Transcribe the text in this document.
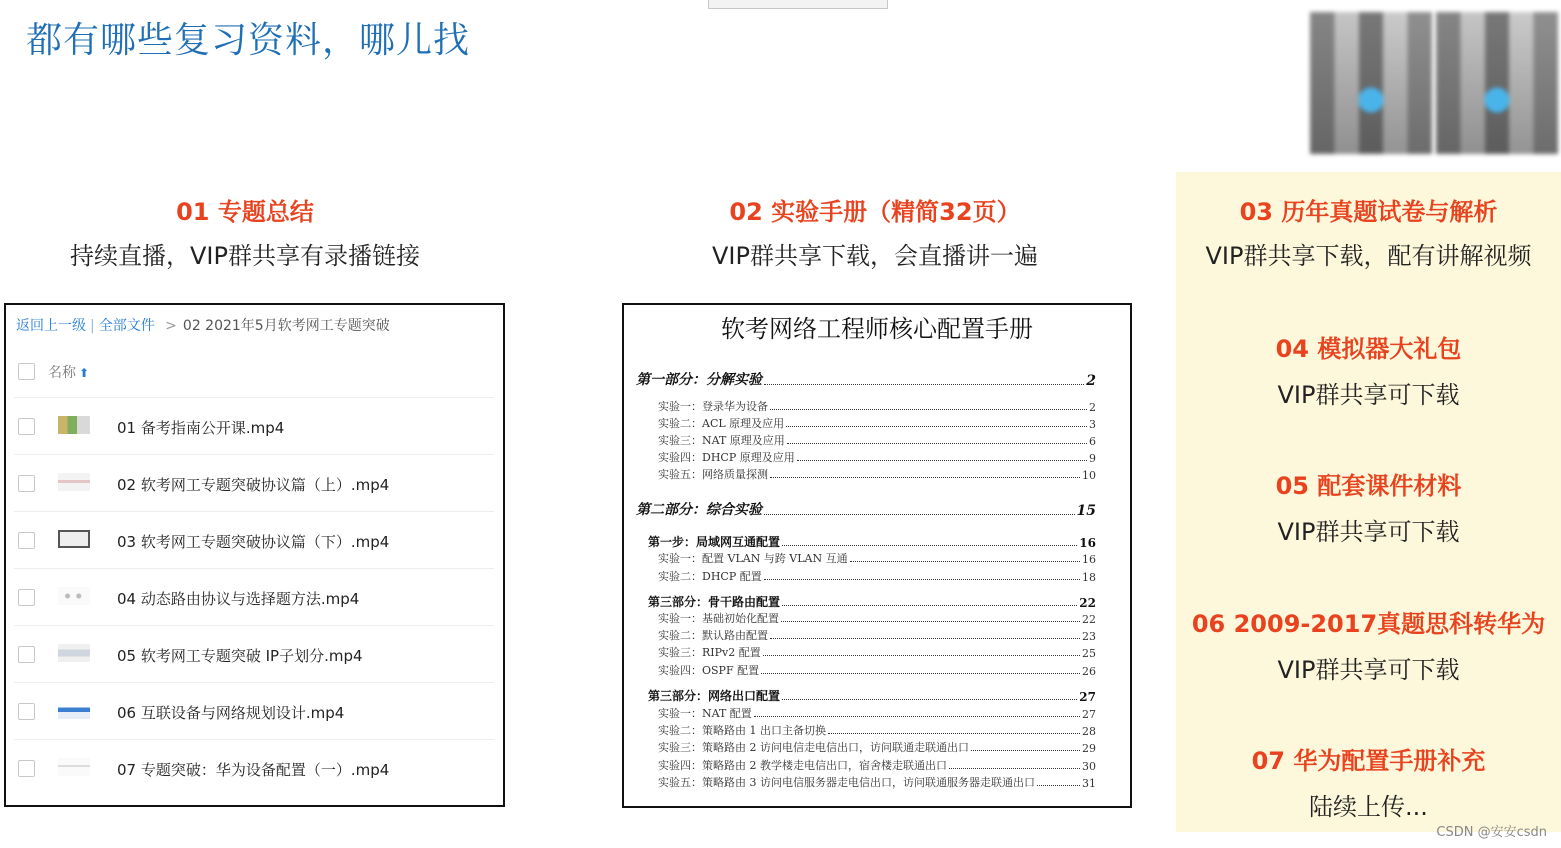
都有哪些复习资料，哪儿找
03 历年真题试卷与解析
VIP群共享下载，配有讲解视频
04 模拟器大礼包
VIP群共享可下载
05 配套课件材料
VIP群共享可下载
06 2009-2017真题思科转华为
VIP群共享可下载
07 华为配置手册补充
陆续上传...
01 专题总结
持续直播，VIP群共享有录播链接
02 实验手册（精简32页）
VIP群共享下载，会直播讲一遍
返回上一级 | 全部文件 > 02 2021年5月软考网工专题突破
名称 ⬆
01 备考指南公开课.mp4
02 软考网工专题突破协议篇（上）.mp4
03 软考网工专题突破协议篇（下）.mp4
04 动态路由协议与选择题方法.mp4
05 软考网工专题突破 IP子划分.mp4
06 互联设备与网络规划设计.mp4
07 专题突破：华为设备配置（一）.mp4
软考网络工程师核心配置手册
第一部分：分解实验	2
实验一：登录华为设备	2
实验二：ACL 原理及应用	3
实验三：NAT 原理及应用	6
实验四：DHCP 原理及应用	9
实验五：网络质量探测	10
第二部分：综合实验	15
第一步：局域网互通配置	16
实验一：配置 VLAN 与跨 VLAN 互通	16
实验二：DHCP 配置	18
第三部分：骨干路由配置	22
实验一：基础初始化配置	22
实验二：默认路由配置	23
实验三：RIPv2 配置	25
实验四：OSPF 配置	26
第三部分：网络出口配置	27
实验一：NAT 配置	27
实验二：策略路由 1 出口主备切换	28
实验三：策略路由 2 访问电信走电信出口，访问联通走联通出口	29
实验四：策略路由 2 教学楼走电信出口，宿舍楼走联通出口	30
实验五：策略路由 3 访问电信服务器走电信出口，访问联通服务器走联通出口	31
CSDN @安安csdn
